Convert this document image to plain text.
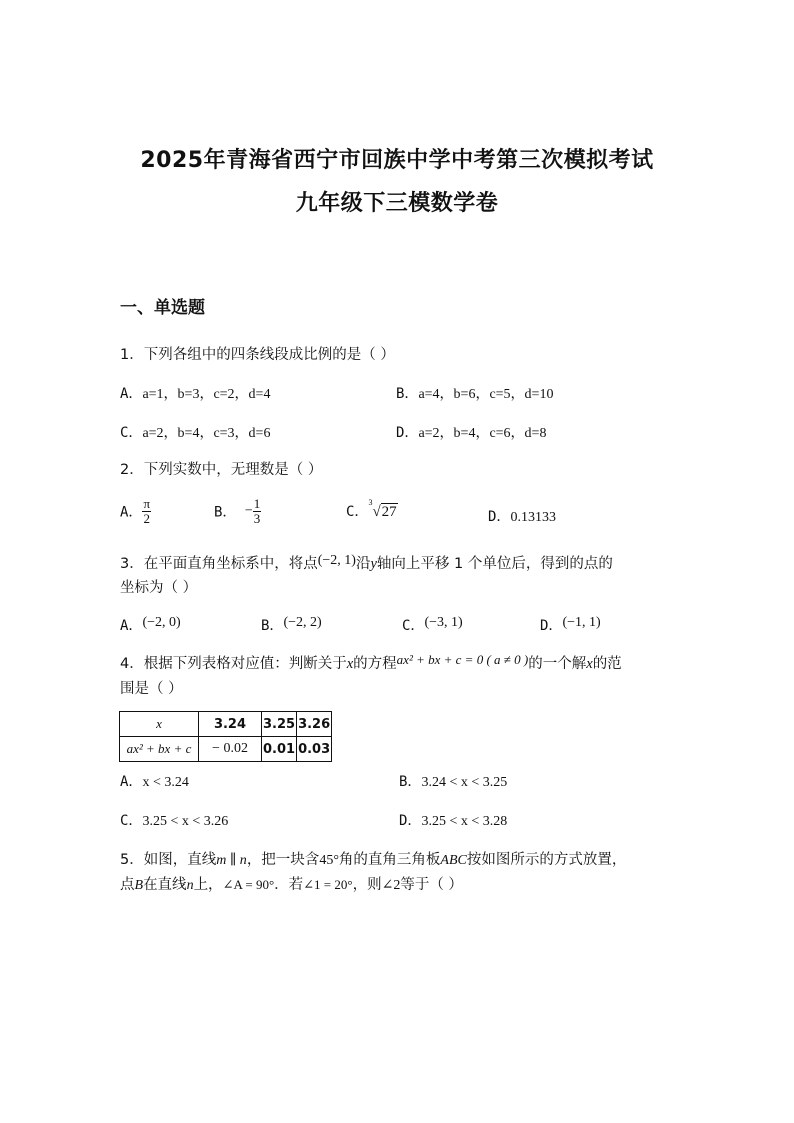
2025年青海省西宁市回族中学中考第三次模拟考试
九年级下三模数学卷
一、单选题
1．下列各组中的四条线段成比例的是（ ）
A．a=1，b=3，c=2，d=4	B．a=4，b=6，c=5，d=10
C．a=2，b=4，c=3，d=6	D．a=2，b=4，c=6，d=8
2．下列实数中，无理数是（ ）
A． $\frac{\pi}{2}$	B． − $\frac{1}{3}$	C．
3
√27	D．0.13133
3．在平面直角坐标系中，将点(−2, 1)沿y轴向上平移 1 个单位后，得到的点的
坐标为（ ）
A．(−2, 0)	B．(−2, 2)	C．(−3, 1)	D．(−1, 1)
4．根据下列表格对应值：判断关于x的方程ax² + bx + c = 0 ( a ≠ 0 )的一个解x的范
围是（ ）
x	3.24	3.25	3.26
ax² + bx + c	− 0.02	0.01	0.03
A．x < 3.24	B．3.24 < x < 3.25
C．3.25 < x < 3.26	D．3.25 < x < 3.28
5．如图，直线m ∥ n，把一块含45°角的直角三角板ABC按如图所示的方式放置，
点B在直线n上，∠A = 90°．若∠1 = 20°，则∠2等于（ ）
